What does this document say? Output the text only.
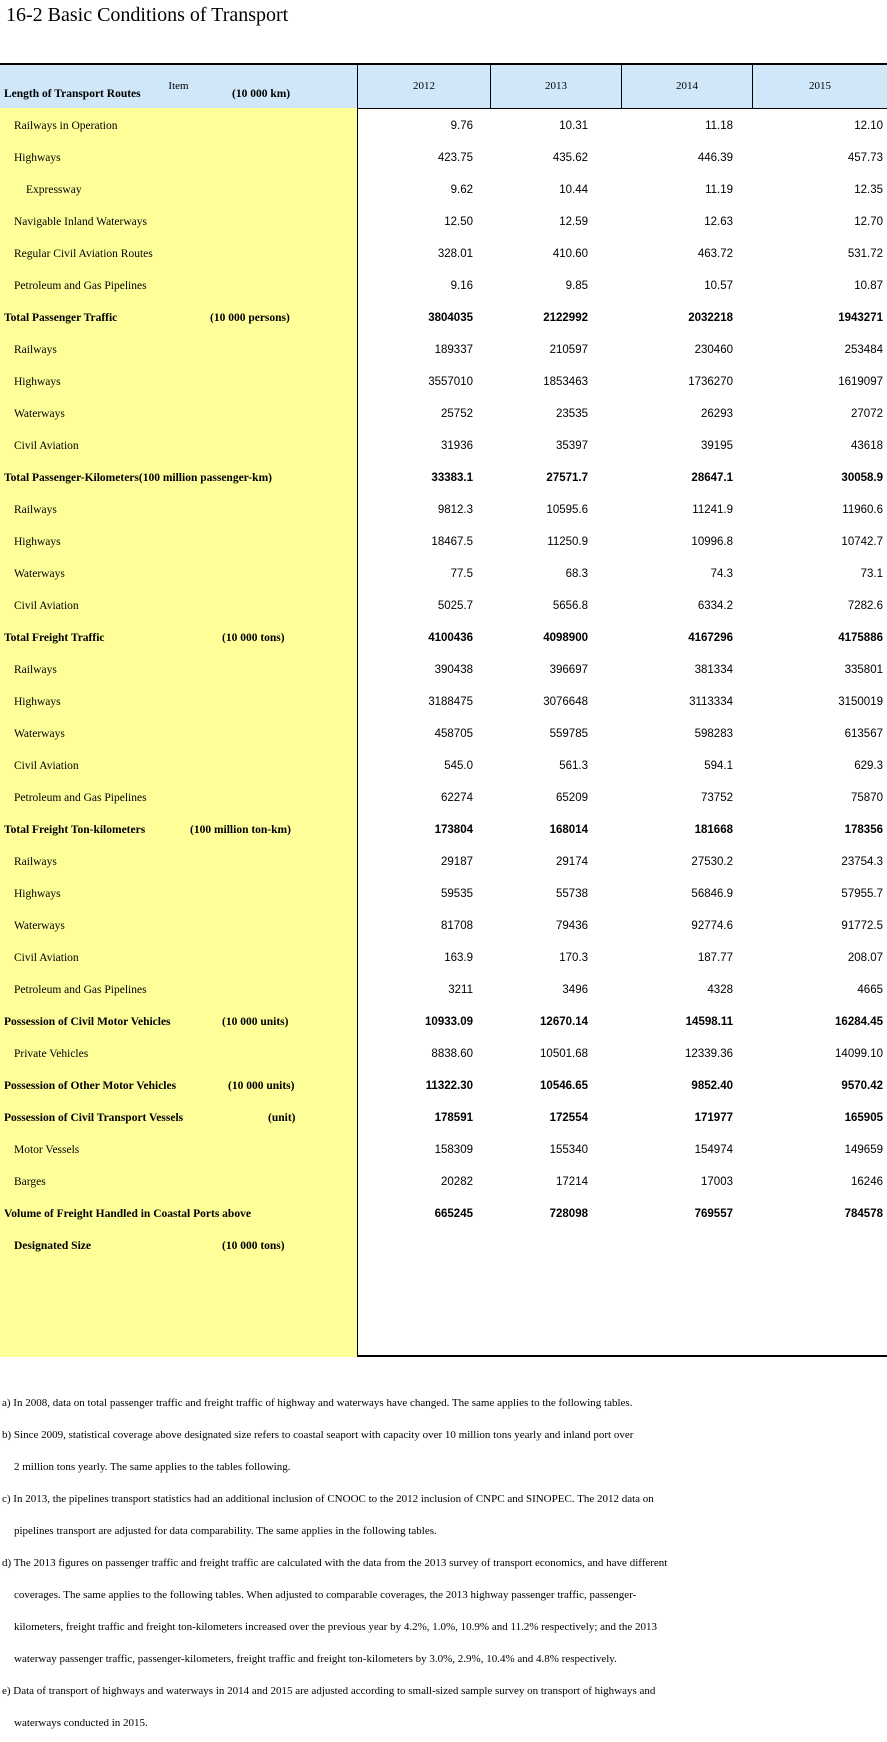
16-2 Basic Conditions of Transport
Item	2012	2013	2014	2015
Length of Transport Routes	(10 000 km)
Railways in Operation	9.76	10.31	11.18	12.10
Highways	423.75	435.62	446.39	457.73
Expressway	9.62	10.44	11.19	12.35
Navigable Inland Waterways	12.50	12.59	12.63	12.70
Regular Civil Aviation Routes	328.01	410.60	463.72	531.72
Petroleum and Gas Pipelines	9.16	9.85	10.57	10.87
Total Passenger Traffic	(10 000 persons)	3804035	2122992	2032218	1943271
Railways	189337	210597	230460	253484
Highways	3557010	1853463	1736270	1619097
Waterways	25752	23535	26293	27072
Civil Aviation	31936	35397	39195	43618
Total Passenger-Kilometers(100 million passenger-km)	33383.1	27571.7	28647.1	30058.9
Railways	9812.3	10595.6	11241.9	11960.6
Highways	18467.5	11250.9	10996.8	10742.7
Waterways	77.5	68.3	74.3	73.1
Civil Aviation	5025.7	5656.8	6334.2	7282.6
Total Freight Traffic	(10 000 tons)	4100436	4098900	4167296	4175886
Railways	390438	396697	381334	335801
Highways	3188475	3076648	3113334	3150019
Waterways	458705	559785	598283	613567
Civil Aviation	545.0	561.3	594.1	629.3
Petroleum and Gas Pipelines	62274	65209	73752	75870
Total Freight Ton-kilometers	(100 million ton-km)	173804	168014	181668	178356
Railways	29187	29174	27530.2	23754.3
Highways	59535	55738	56846.9	57955.7
Waterways	81708	79436	92774.6	91772.5
Civil Aviation	163.9	170.3	187.77	208.07
Petroleum and Gas Pipelines	3211	3496	4328	4665
Possession of Civil Motor Vehicles	(10 000 units)	10933.09	12670.14	14598.11	16284.45
Private Vehicles	8838.60	10501.68	12339.36	14099.10
Possession of Other Motor Vehicles	(10 000 units)	11322.30	10546.65	9852.40	9570.42
Possession of Civil Transport Vessels	(unit)	178591	172554	171977	165905
Motor Vessels	158309	155340	154974	149659
Barges	20282	17214	17003	16246
Volume of Freight Handled in Coastal Ports above	665245	728098	769557	784578
Designated Size	(10 000 tons)
a) In 2008, data on total passenger traffic and freight traffic of highway and waterways have changed. The same applies to the following tables.
b) Since 2009, statistical coverage above designated size refers to coastal seaport with capacity over 10 million tons yearly and inland port over
2 million tons yearly. The same applies to the tables following.
c) In 2013, the pipelines transport statistics had an additional inclusion of CNOOC to the 2012 inclusion of CNPC and SINOPEC. The 2012 data on
pipelines transport are adjusted for data comparability. The same applies in the following tables.
d) The 2013 figures on passenger traffic and freight traffic are calculated with the data from the 2013 survey of transport economics, and have different
coverages. The same applies to the following tables. When adjusted to comparable coverages, the 2013 highway passenger traffic, passenger-
kilometers, freight traffic and freight ton-kilometers increased over the previous year by 4.2%, 1.0%, 10.9% and 11.2% respectively; and the 2013
waterway passenger traffic, passenger-kilometers, freight traffic and freight ton-kilometers by 3.0%, 2.9%, 10.4% and 4.8% respectively.
e) Data of transport of highways and waterways in 2014 and 2015 are adjusted according to small-sized sample survey on transport of highways and
waterways conducted in 2015.
